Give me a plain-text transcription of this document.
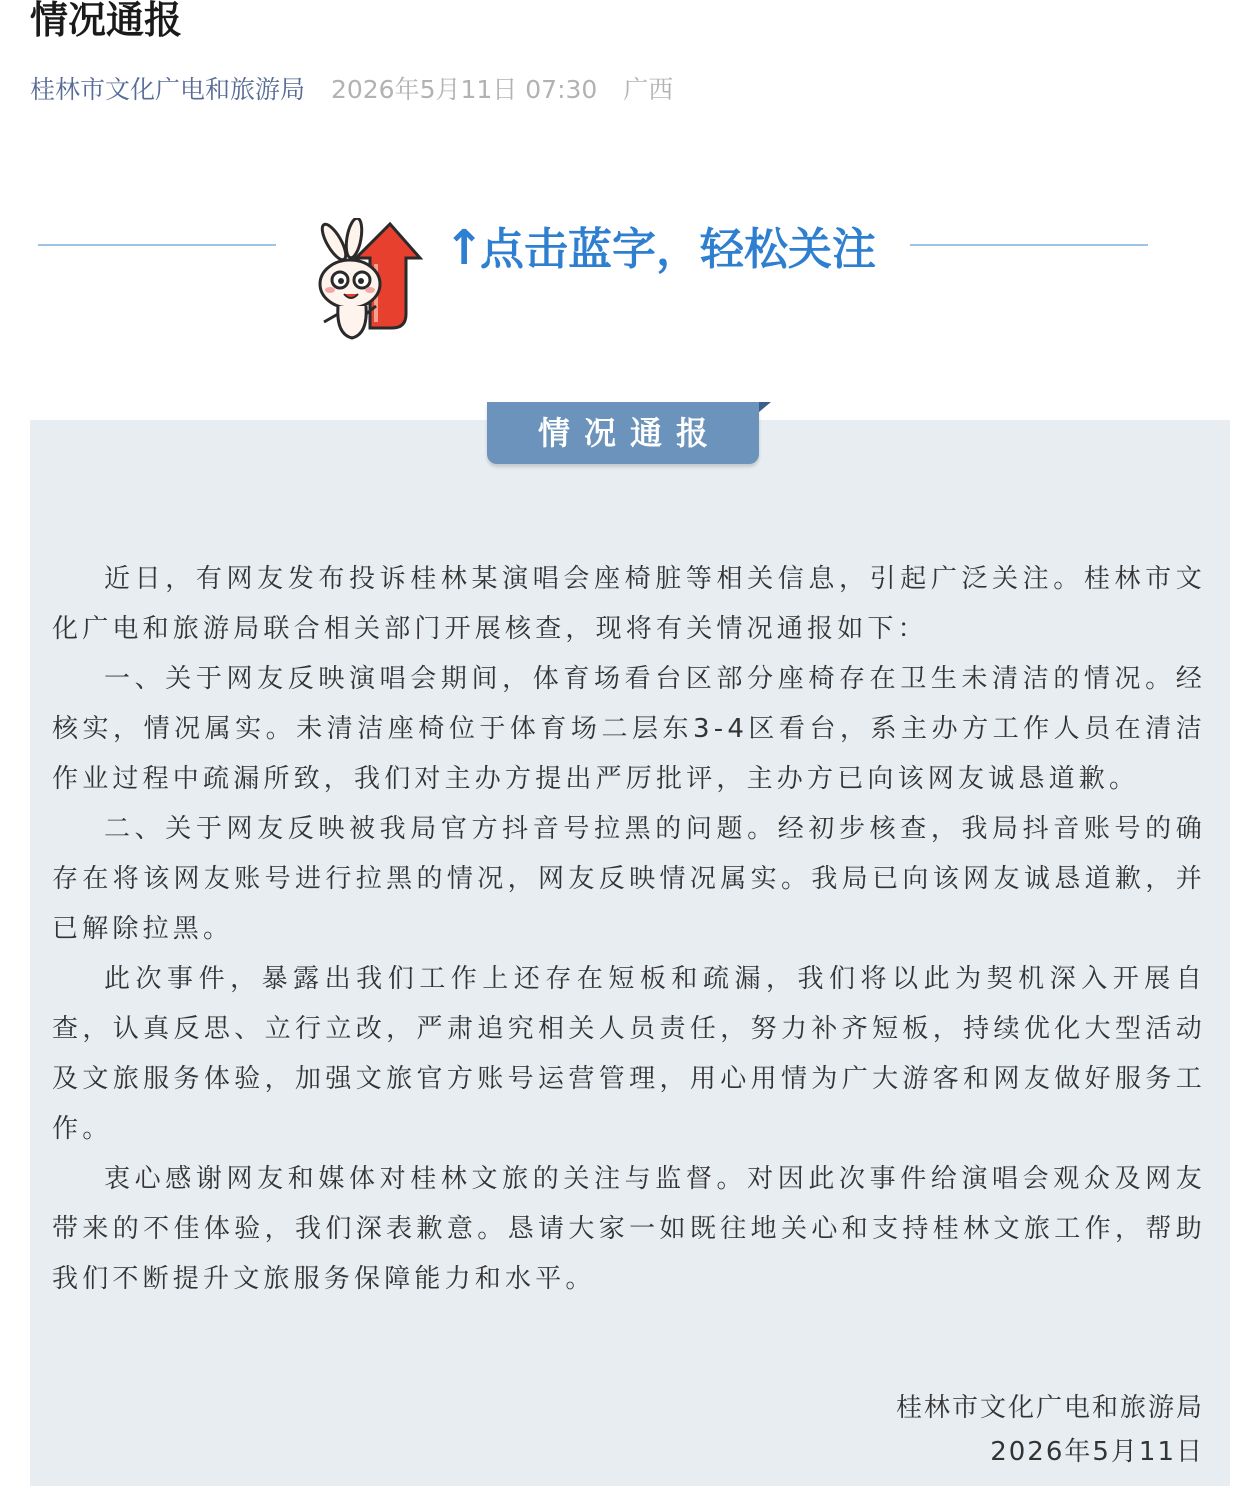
情况通报
桂林市文化广电和旅游局 2026年5月11日 07:30 广西
↑
点击蓝字，轻松关注
情况通报

近日，有网友发布投诉桂林某演唱会座椅脏等相关信息，引起广泛关注。桂林市文化广电和旅游局联合相关部门开展核查，现将有关情况通报如下：

一、关于网友反映演唱会期间，体育场看台区部分座椅存在卫生未清洁的情况。经核实，情况属实。未清洁座椅位于体育场二层东3-4区看台，系主办方工作人员在清洁作业过程中疏漏所致，我们对主办方提出严厉批评，主办方已向该网友诚恳道歉。

二、关于网友反映被我局官方抖音号拉黑的问题。经初步核查，我局抖音账号的确存在将该网友账号进行拉黑的情况，网友反映情况属实。我局已向该网友诚恳道歉，并已解除拉黑。

此次事件，暴露出我们工作上还存在短板和疏漏，我们将以此为契机深入开展自查，认真反思、立行立改，严肃追究相关人员责任，努力补齐短板，持续优化大型活动及文旅服务体验，加强文旅官方账号运营管理，用心用情为广大游客和网友做好服务工作。

衷心感谢网友和媒体对桂林文旅的关注与监督。对因此次事件给演唱会观众及网友带来的不佳体验，我们深表歉意。恳请大家一如既往地关心和支持桂林文旅工作，帮助我们不断提升文旅服务保障能力和水平。

桂林市文化广电和旅游局
2026年5月11日
